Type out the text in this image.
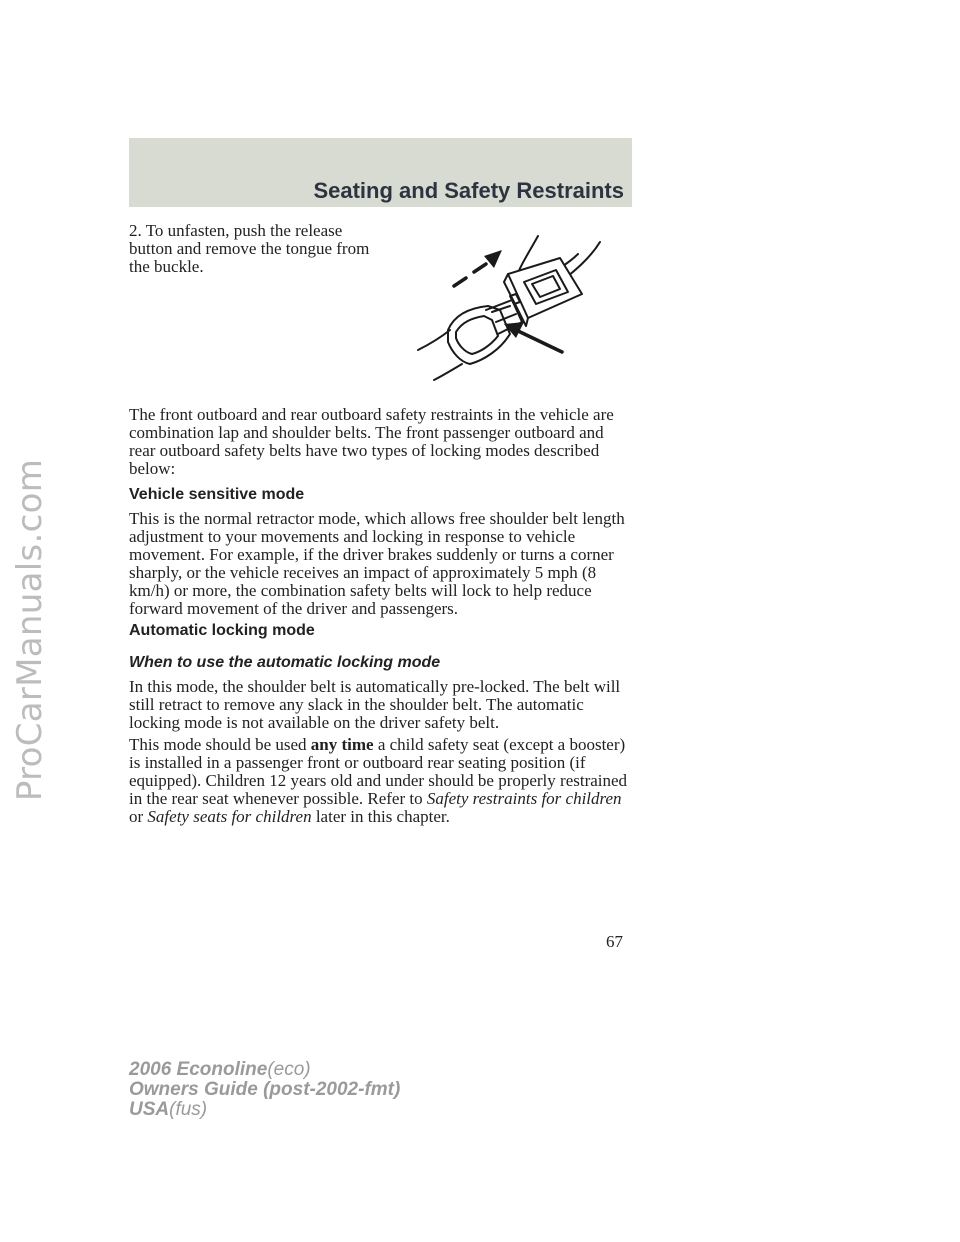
ProCarManuals.com
Seating and Safety Restraints

2. To unfasten, push the release button and remove the tongue from the buckle.

The front outboard and rear outboard safety restraints in the vehicle are combination lap and shoulder belts. The front passenger outboard and rear outboard safety belts have two types of locking modes described below:

Vehicle sensitive mode

This is the normal retractor mode, which allows free shoulder belt length adjustment to your movements and locking in response to vehicle movement. For example, if the driver brakes suddenly or turns a corner sharply, or the vehicle receives an impact of approximately 5 mph (8 km/h) or more, the combination safety belts will lock to help reduce forward movement of the driver and passengers.

Automatic locking mode
When to use the automatic locking mode

In this mode, the shoulder belt is automatically pre-locked. The belt will still retract to remove any slack in the shoulder belt. The automatic locking mode is not available on the driver safety belt.

This mode should be used any time a child safety seat (except a booster) is installed in a passenger front or outboard rear seating position (if equipped). Children 12 years old and under should be properly restrained in the rear seat whenever possible. Refer to Safety restraints for children or Safety seats for children later in this chapter.

67
2006 Econoline(eco)
Owners Guide (post-2002-fmt)
USA(fus)
